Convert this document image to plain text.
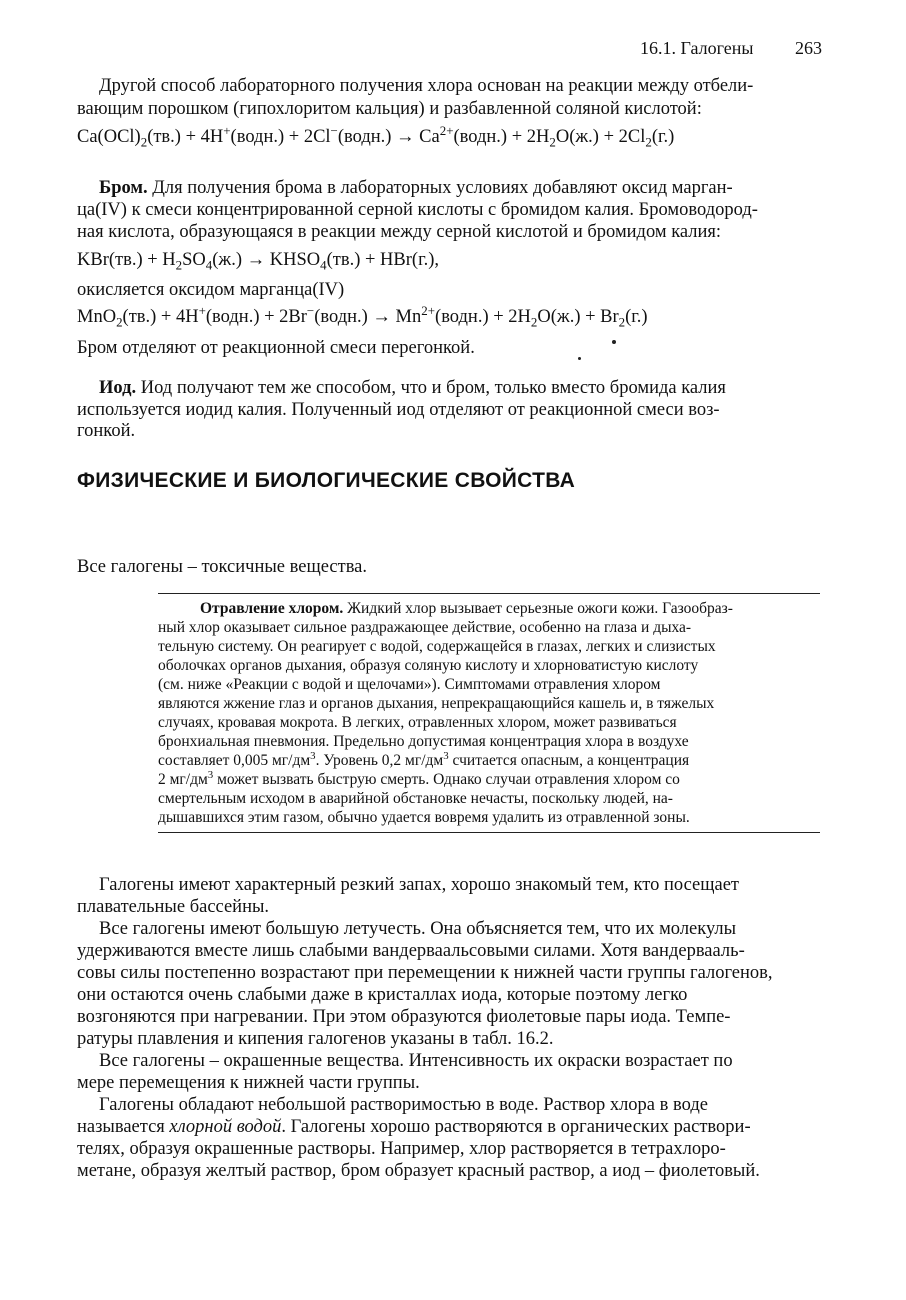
16.1. Галогены 263
Другой способ лабораторного получения хлора основан на реакции между отбели-
вающим порошком (гипохлоритом кальция) и разбавленной соляной кислотой:
$Ca(OCl)_2(тв.)$ + 4H+(водн.) + 2Cl−(водн.) → $Ca^{2+}(водн.) + 2H_2O(ж.) + 2Cl_2(г.)$
Бром. Для получения брома в лабораторных условиях добавляют оксид марган-
ца(IV) к смеси концентрированной серной кислоты с бромидом калия. Бромоводород-
ная кислота, образующаяся в реакции между серной кислотой и бромидом калия:
$KBr(тв.) + H_2SO_4(ж.)$ → $KHSO_4(тв.) + HBr(г.)$,
окисляется оксидом марганца(IV)
MnO$_2$(тв.) + 4H+(водн.) + 2Br−(водн.) → $Mn^{2+}(водн.) + 2H_2O(ж.) + Br_2(г.)$
Бром отделяют от реакционной смеси перегонкой.
Иод. Иод получают тем же способом, что и бром, только вместо бромида калия
используется иодид калия. Полученный иод отделяют от реакционной смеси воз-
гонкой.
ФИЗИЧЕСКИЕ И БИОЛОГИЧЕСКИЕ СВОЙСТВА
Все галогены – токсичные вещества.
Отравление хлором. Жидкий хлор вызывает серьезные ожоги кожи. Газообраз-
ный хлор оказывает сильное раздражающее действие, особенно на глаза и дыха-
тельную систему. Он реагирует с водой, содержащейся в глазах, легких и слизистых
оболочках органов дыхания, образуя соляную кислоту и хлорноватистую кислоту
(см. ниже «Реакции с водой и щелочами»). Симптомами отравления хлором
являются жжение глаз и органов дыхания, непрекращающийся кашель и, в тяжелых
случаях, кровавая мокрота. В легких, отравленных хлором, может развиваться
бронхиальная пневмония. Предельно допустимая концентрация хлора в воздухе
составляет 0,005 $мг/дм^3$. Уровень 0,2 $мг/дм^3$ считается опасным, а концентрация
2 $мг/дм^3$ может вызвать быструю смерть. Однако случаи отравления хлором со
смертельным исходом в аварийной обстановке нечасты, поскольку людей, на-
дышавшихся этим газом, обычно удается вовремя удалить из отравленной зоны.
Галогены имеют характерный резкий запах, хорошо знакомый тем, кто посещает
плавательные бассейны.
Все галогены имеют большую летучесть. Она объясняется тем, что их молекулы
удерживаются вместе лишь слабыми вандерваальсовыми силами. Хотя вандервааль-
совы силы постепенно возрастают при перемещении к нижней части группы галогенов,
они остаются очень слабыми даже в кристаллах иода, которые поэтому легко
возгоняются при нагревании. При этом образуются фиолетовые пары иода. Темпе-
ратуры плавления и кипения галогенов указаны в табл. 16.2.
Все галогены – окрашенные вещества. Интенсивность их окраски возрастает по
мере перемещения к нижней части группы.
Галогены обладают небольшой растворимостью в воде. Раствор хлора в воде
называется хлорной водой. Галогены хорошо растворяются в органических раствори-
телях, образуя окрашенные растворы. Например, хлор растворяется в тетрахлоро-
метане, образуя желтый раствор, бром образует красный раствор, а иод – фиолетовый.
